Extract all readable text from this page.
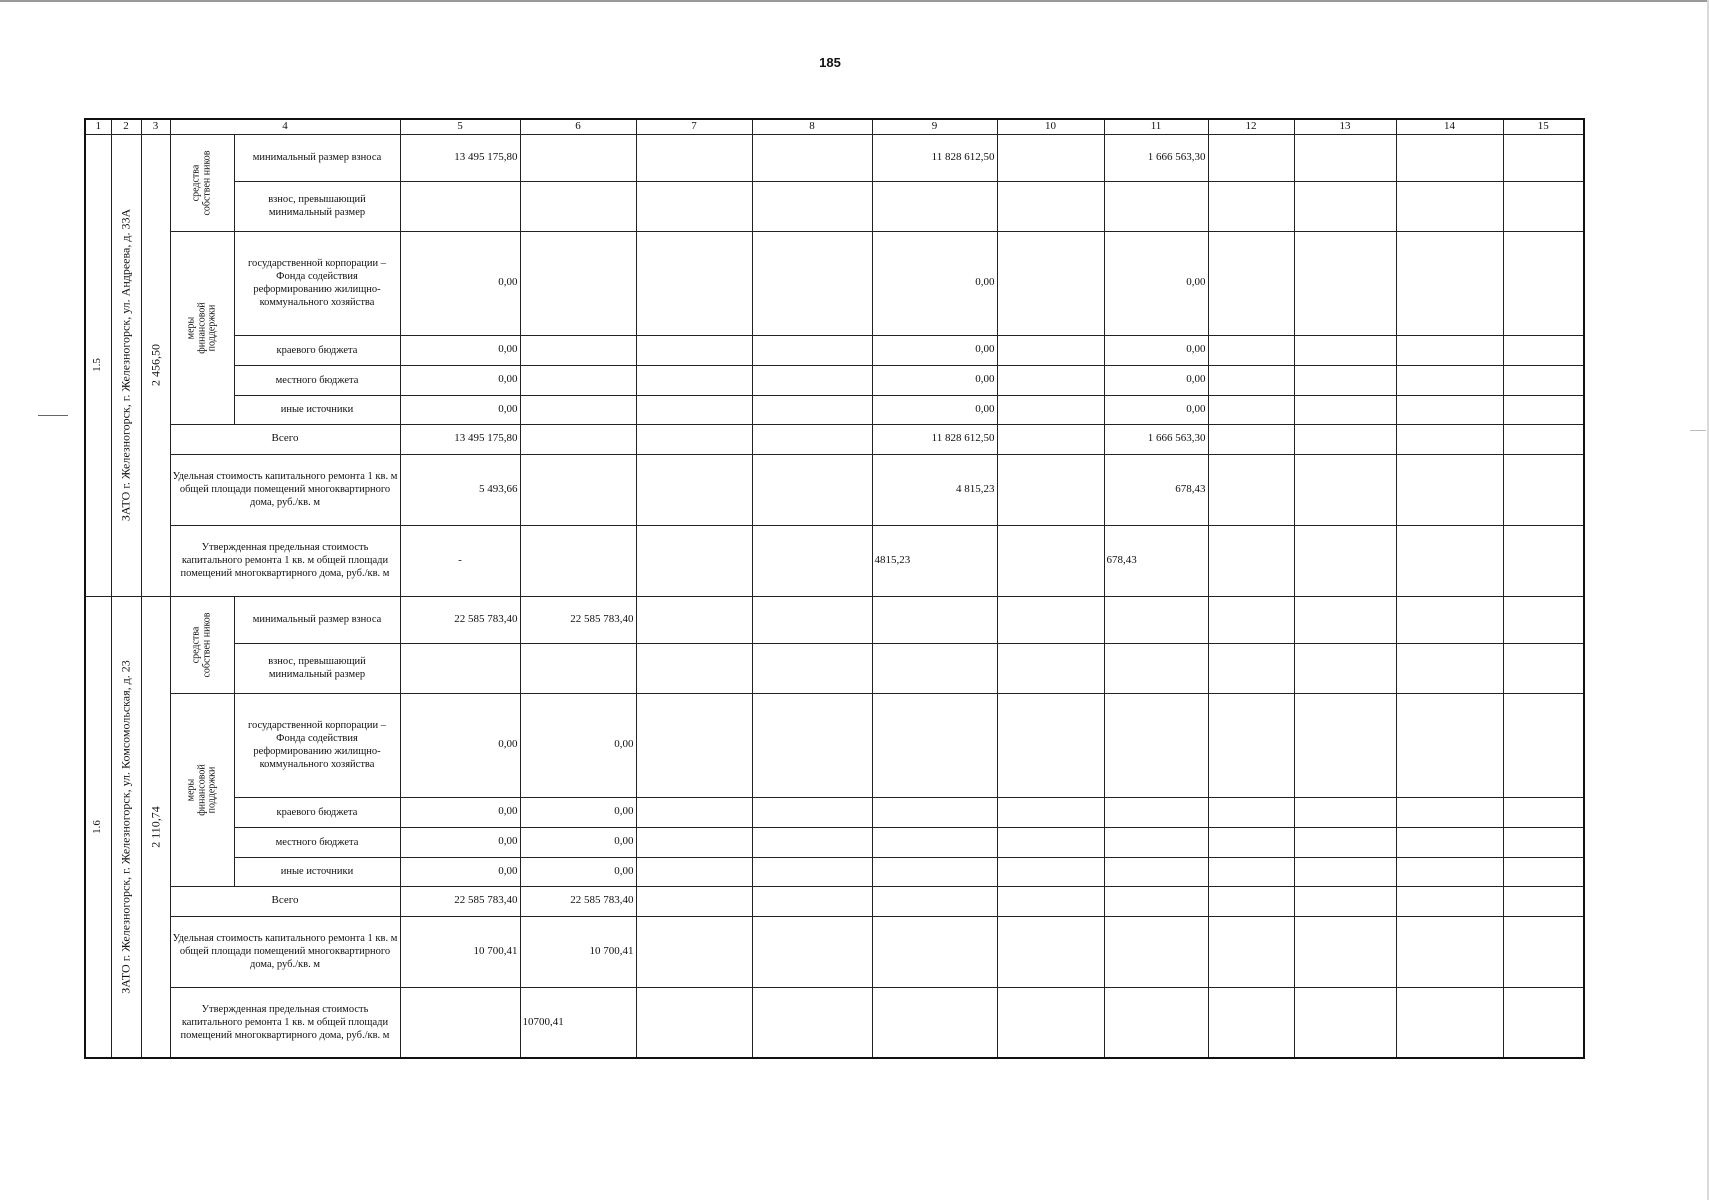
185
1	2	3	4		5	6	7	8	9	10	11	12	13	14	15

1.5	ЗАТО г. Железногорск, г. Железногорск, ул. Андреева, д. 33А	2 456,50	средства собствен ников	минимальный размер взноса	13 495 175,80				11 828 612,50		1 666 563,30				
				взнос, превышающий минимальный размер											

			меры финансовой поддержки	государственной корпорации – Фонда содействия реформированию жилищно-коммунального хозяйства	0,00				0,00		0,00				
				краевого бюджета	0,00				0,00		0,00				
				местного бюджета	0,00				0,00		0,00				
				иные источники	0,00				0,00		0,00				
			Всего		13 495 175,80				11 828 612,50		1 666 563,30				
			Удельная стоимость капитального ремонта 1 кв. м общей площади помещений многоквартирного дома, руб./кв. м		5 493,66				4 815,23		678,43				
			Утвержденная предельная стоимость капитального ремонта 1 кв. м общей площади помещений многоквартирного дома, руб./кв. м		-				4815,23		678,43				

1.6	ЗАТО г. Железногорск, г. Железногорск, ул. Комсомольская, д. 23	2 110,74	средства собствен ников	минимальный размер взноса	22 585 783,40	22 585 783,40									
				взнос, превышающий минимальный размер											

			меры финансовой поддержки	государственной корпорации – Фонда содействия реформированию жилищно-коммунального хозяйства	0,00	0,00									
				краевого бюджета	0,00	0,00									
				местного бюджета	0,00	0,00									
				иные источники	0,00	0,00									
			Всего		22 585 783,40	22 585 783,40									
			Удельная стоимость капитального ремонта 1 кв. м общей площади помещений многоквартирного дома, руб./кв. м		10 700,41	10 700,41									
			Утвержденная предельная стоимость капитального ремонта 1 кв. м общей площади помещений многоквартирного дома, руб./кв. м			10700,41									
